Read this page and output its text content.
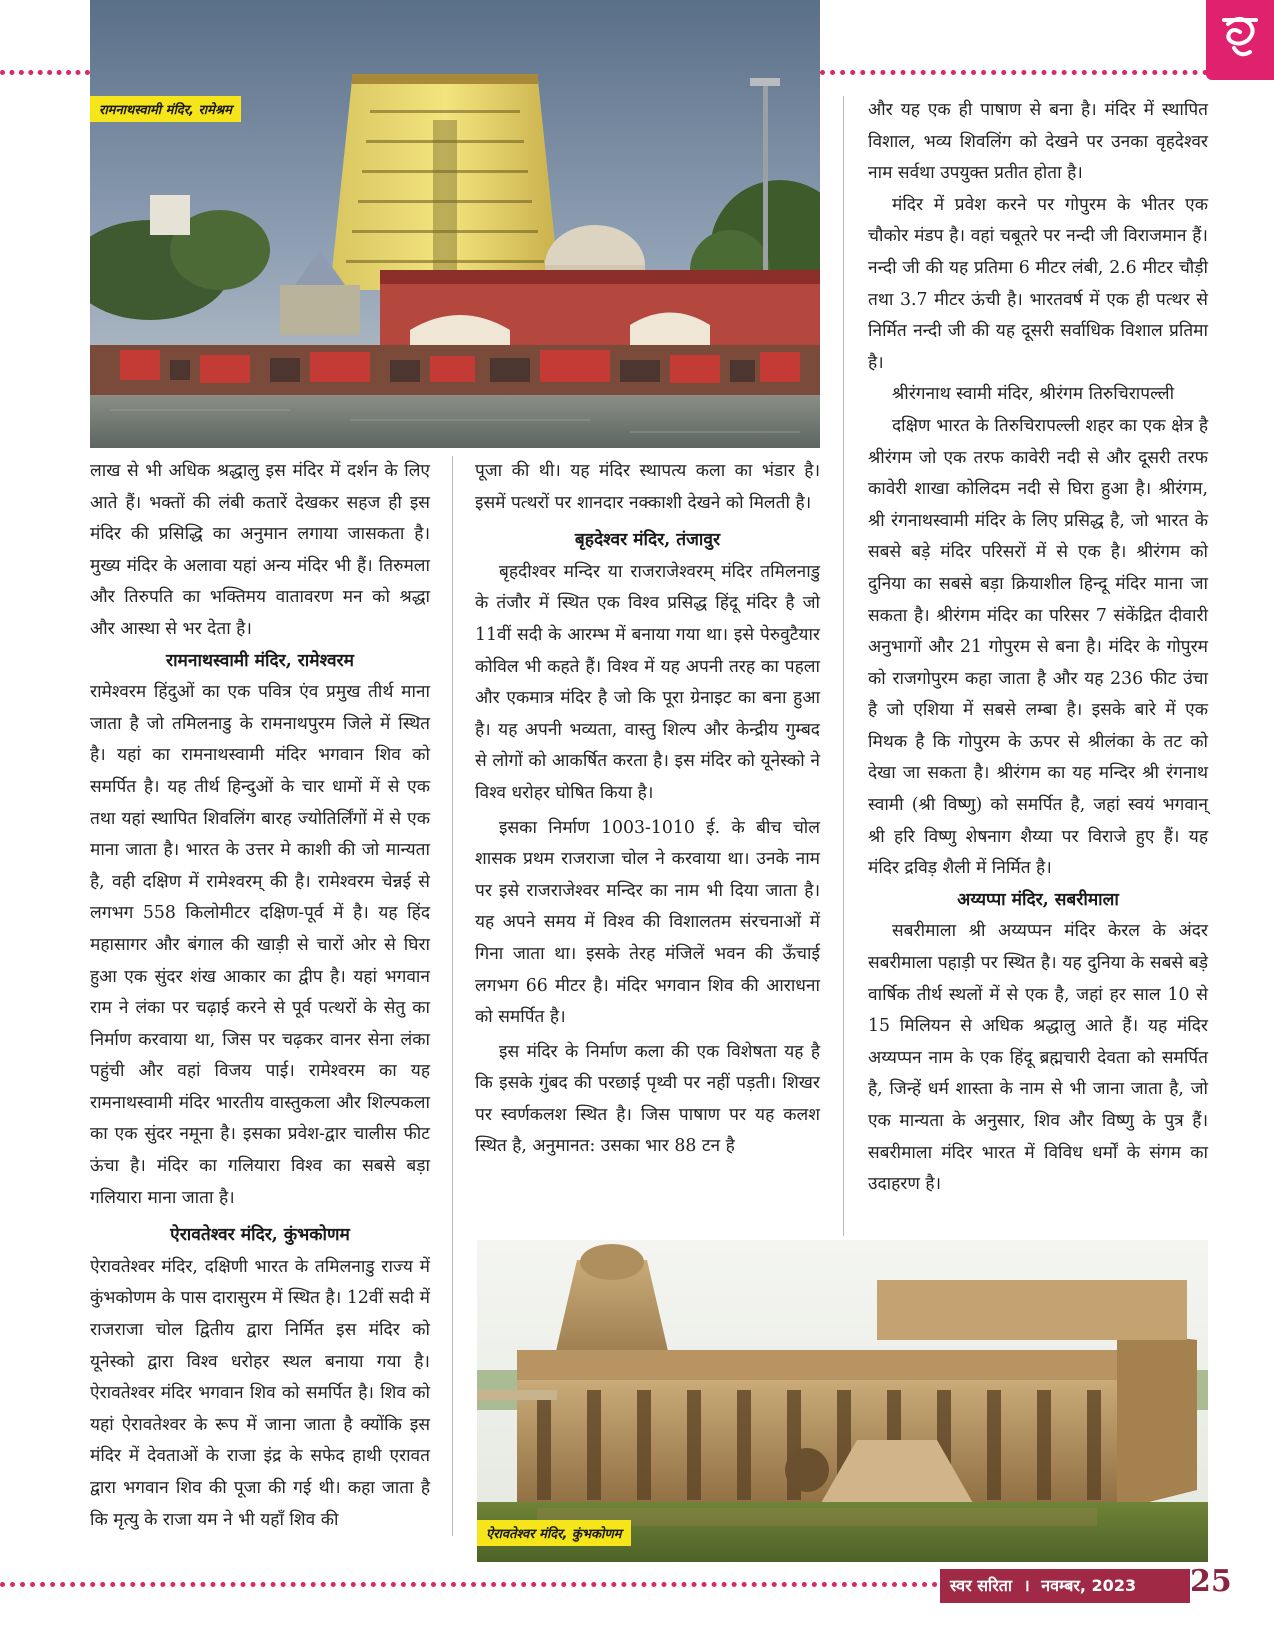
रामनाथस्वामी मंदिर, रामेश्रम

लाख से भी अधिक श्रद्धालु इस मंदिर में दर्शन के लिए आते हैं। भक्तों की लंबी कतारें देखकर सहज ही इस मंदिर की प्रसिद्धि का अनुमान लगाया जासकता है। मुख्य मंदिर के अलावा यहां अन्य मंदिर भी हैं। तिरुमला और तिरुपति का भक्तिमय वातावरण मन को श्रद्धा और आस्था से भर देता है।

रामनाथस्वामी मंदिर, रामेश्वरम

रामेश्वरम हिंदुओं का एक पवित्र एंव प्रमुख तीर्थ माना जाता है जो तमिलनाडु के रामनाथपुरम जिले में स्थित है। यहां का रामनाथस्वामी मंदिर भगवान शिव को समर्पित है। यह तीर्थ हिन्दुओं के चार धामों में से एक तथा यहां स्थापित शिवलिंग बारह ज्योतिर्लिंगों में से एक माना जाता है। भारत के उत्तर मे काशी की जो मान्यता है, वही दक्षिण में रामेश्वरम् की है। रामेश्वरम चेन्नई से लगभग 558 किलोमीटर दक्षिण-पूर्व में है। यह हिंद महासागर और बंगाल की खाड़ी से चारों ओर से घिरा हुआ एक सुंदर शंख आकार का द्वीप है। यहां भगवान राम ने लंका पर चढ़ाई करने से पूर्व पत्थरों के सेतु का निर्माण करवाया था, जिस पर चढ़कर वानर सेना लंका पहुंची और वहां विजय पाई। रामेश्वरम का यह रामनाथस्वामी मंदिर भारतीय वास्तुकला और शिल्पकला का एक सुंदर नमूना है। इसका प्रवेश-द्वार चालीस फीट ऊंचा है। मंदिर का गलियारा विश्व का सबसे बड़ा गलियारा माना जाता है।

ऐरावतेश्वर मंदिर, कुंभकोणम

ऐरावतेश्वर मंदिर, दक्षिणी भारत के तमिलनाडु राज्य में कुंभकोणम के पास दारासुरम में स्थित है। 12वीं सदी में राजराजा चोल द्वितीय द्वारा निर्मित इस मंदिर को यूनेस्को द्वारा विश्व धरोहर स्थल बनाया गया है। ऐरावतेश्वर मंदिर भगवान शिव को समर्पित है। शिव को यहां ऐरावतेश्वर के रूप में जाना जाता है क्योंकि इस मंदिर में देवताओं के राजा इंद्र के सफेद हाथी एरावत द्वारा भगवान शिव की पूजा की गई थी। कहा जाता है कि मृत्यु के राजा यम ने भी यहाँ शिव की

पूजा की थी। यह मंदिर स्थापत्य कला का भंडार है। इसमें पत्थरों पर शानदार नक्काशी देखने को मिलती है।

बृहदेश्वर मंदिर, तंजावुर

बृहदीश्वर मन्दिर या राजराजेश्वरम् मंदिर तमिलनाडु के तंजौर में स्थित एक विश्व प्रसिद्ध हिंदू मंदिर है जो 11वीं सदी के आरम्भ में बनाया गया था। इसे पेरुवुटैयार कोविल भी कहते हैं। विश्व में यह अपनी तरह का पहला और एकमात्र मंदिर है जो कि पूरा ग्रेनाइट का बना हुआ है। यह अपनी भव्यता, वास्तु शिल्प और केन्द्रीय गुम्बद से लोगों को आकर्षित करता है। इस मंदिर को यूनेस्को ने विश्व धरोहर घोषित किया है।

इसका निर्माण 1003-1010 ई. के बीच चोल शासक प्रथम राजराजा चोल ने करवाया था। उनके नाम पर इसे राजराजेश्वर मन्दिर का नाम भी दिया जाता है। यह अपने समय में विश्व की विशालतम संरचनाओं में गिना जाता था। इसके तेरह मंजिलें भवन की ऊँचाई लगभग 66 मीटर है। मंदिर भगवान शिव की आराधना को समर्पित है।

इस मंदिर के निर्माण कला की एक विशेषता यह है कि इसके गुंबद की परछाई पृथ्वी पर नहीं पड़ती। शिखर पर स्वर्णकलश स्थित है। जिस पाषाण पर यह कलश स्थित है, अनुमानत: उसका भार 88 टन है

और यह एक ही पाषाण से बना है। मंदिर में स्थापित विशाल, भव्य शिवलिंग को देखने पर उनका वृहदेश्वर नाम सर्वथा उपयुक्त प्रतीत होता है।

मंदिर में प्रवेश करने पर गोपुरम के भीतर एक चौकोर मंडप है। वहां चबूतरे पर नन्दी जी विराजमान हैं। नन्दी जी की यह प्रतिमा 6 मीटर लंबी, 2.6 मीटर चौड़ी तथा 3.7 मीटर ऊंची है। भारतवर्ष में एक ही पत्थर से निर्मित नन्दी जी की यह दूसरी सर्वाधिक विशाल प्रतिमा है।

श्रीरंगनाथ स्वामी मंदिर, श्रीरंगम तिरुचिरापल्ली

दक्षिण भारत के तिरुचिरापल्ली शहर का एक क्षेत्र है श्रीरंगम जो एक तरफ कावेरी नदी से और दूसरी तरफ कावेरी शाखा कोलिदम नदी से घिरा हुआ है। श्रीरंगम, श्री रंगनाथस्वामी मंदिर के लिए प्रसिद्ध है, जो भारत के सबसे बड़े मंदिर परिसरों में से एक है। श्रीरंगम को दुनिया का सबसे बड़ा क्रियाशील हिन्दू मंदिर माना जा सकता है। श्रीरंगम मंदिर का परिसर 7 संकेंद्रित दीवारी अनुभागों और 21 गोपुरम से बना है। मंदिर के गोपुरम को राजगोपुरम कहा जाता है और यह 236 फीट उंचा है जो एशिया में सबसे लम्बा है। इसके बारे में एक मिथक है कि गोपुरम के ऊपर से श्रीलंका के तट को देखा जा सकता है। श्रीरंगम का यह मन्दिर श्री रंगनाथ स्वामी (श्री विष्णु) को समर्पित है, जहां स्वयं भगवान् श्री हरि विष्णु शेषनाग शैय्या पर विराजे हुए हैं। यह मंदिर द्रविड़ शैली में निर्मित है।

अय्यप्पा मंदिर, सबरीमाला

सबरीमाला श्री अय्यप्पन मंदिर केरल के अंदर सबरीमाला पहाड़ी पर स्थित है। यह दुनिया के सबसे बड़े वार्षिक तीर्थ स्थलों में से एक है, जहां हर साल 10 से 15 मिलियन से अधिक श्रद्धालु आते हैं। यह मंदिर अय्यप्पन नाम के एक हिंदू ब्रह्मचारी देवता को समर्पित है, जिन्हें धर्म शास्ता के नाम से भी जाना जाता है, जो एक मान्यता के अनुसार, शिव और विष्णु के पुत्र हैं। सबरीमाला मंदिर भारत में विविध धर्मों के संगम का उदाहरण है।

ऐरावतेश्वर मंदिर, कुंभकोणम
स्वर सरिता । नवम्बर, 2023	25
